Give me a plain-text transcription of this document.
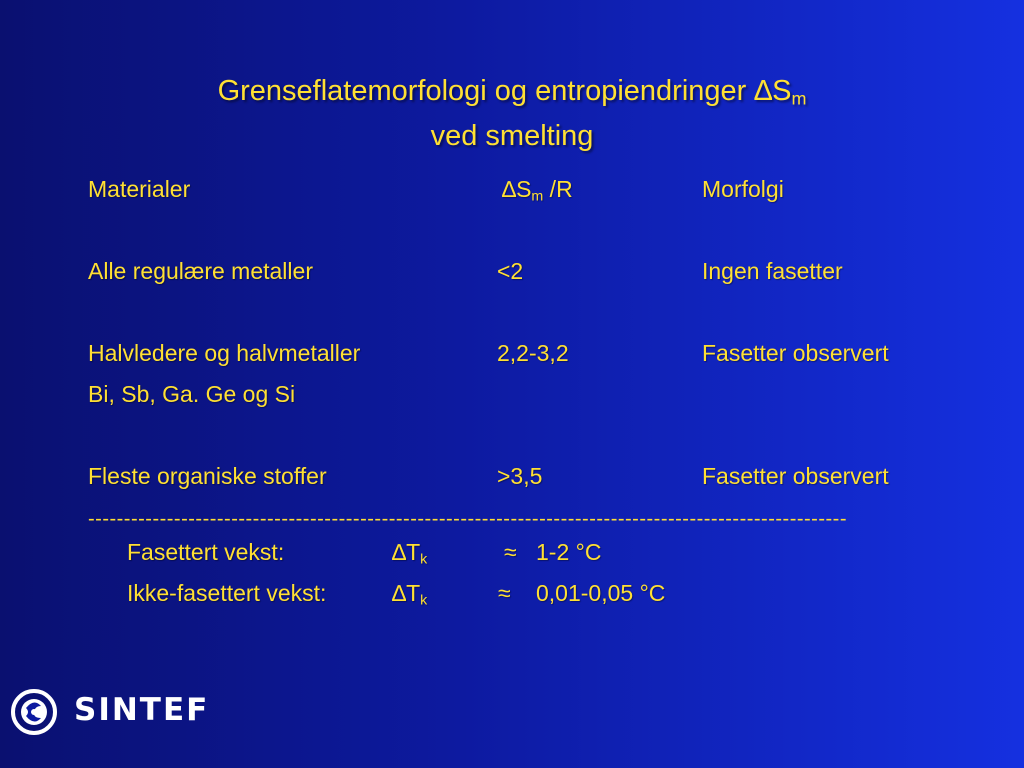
Grenseflatemorfologi og entropiendringer $\Delta S_m$
ved smelting
Materialer	$\Delta S_m$ /R	Morfolgi
Alle regulære metaller	<2	Ingen fasetter
Halvledere og halvmetaller	2,2-3,2	Fasetter observert
Bi, Sb, Ga. Ge og Si
Fleste organiske stoffer	>3,5	Fasetter observert
----------------------------------------------------------------------------------------------------------
Fasettert vekst:	$\Delta T_k$	≈ 1-2 °C
Ikke-fasettert vekst:	$\Delta T_k$	≈ 0,01-0,05 °C
SINTEF
